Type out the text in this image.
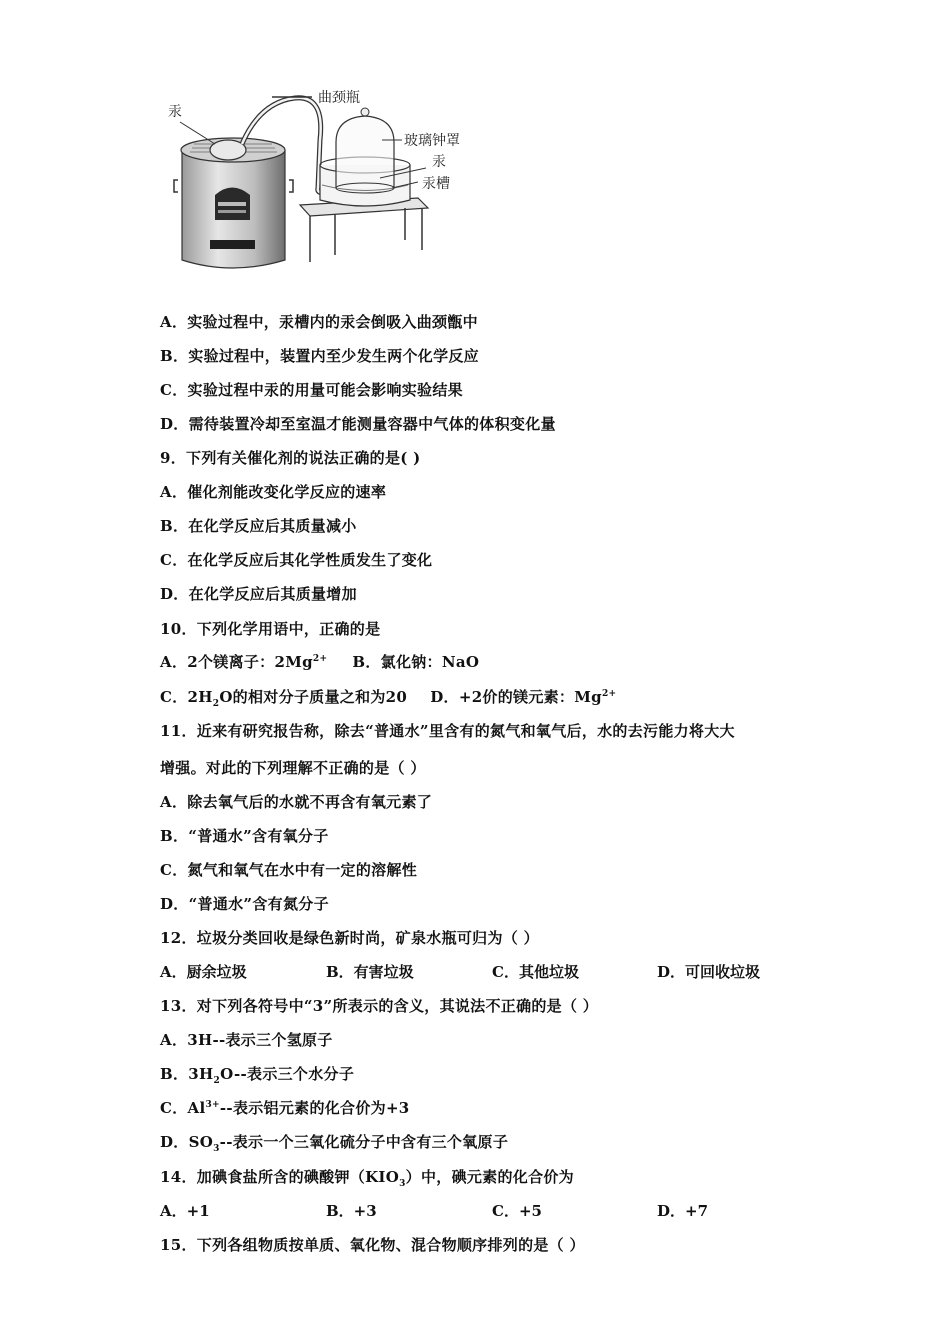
汞
曲颈瓶
玻璃钟罩
汞
汞槽
A．实验过程中，汞槽内的汞会倒吸入曲颈甑中
B．实验过程中，装置内至少发生两个化学反应
C．实验过程中汞的用量可能会影响实验结果
D．需待装置冷却至室温才能测量容器中气体的体积变化量
9．下列有关催化剂的说法正确的是( )
A．催化剂能改变化学反应的速率
B．在化学反应后其质量减小
C．在化学反应后其化学性质发生了变化
D．在化学反应后其质量增加
10．下列化学用语中，正确的是
A．2个镁离子：$2Mg^{2+}$ B．氯化钠：NaO
C．$2H_2O$的相对分子质量之和为20 D．+2价的镁元素：$Mg^{2+}$
11．近来有研究报告称，除去“普通水”里含有的氮气和氧气后，水的去污能力将大大
增强。对此的下列理解不正确的是（ ）
A．除去氧气后的水就不再含有氧元素了
B．“普通水”含有氧分子
C．氮气和氧气在水中有一定的溶解性
D．“普通水”含有氮分子
12．垃圾分类回收是绿色新时尚，矿泉水瓶可归为（ ）
A．厨余垃圾	B．有害垃圾	C．其他垃圾	D．可回收垃圾
13．对下列各符号中“3”所表示的含义，其说法不正确的是（ ）
A．3H--表示三个氢原子
B．$3H_2O--$表示三个水分子
C．$Al^{3+}--$表示铝元素的化合价为+3
D．$SO_3--$表示一个三氧化硫分子中含有三个氧原子
14．加碘食盐所含的碘酸钾$(KIO_3)$中，碘元素的化合价为
A．+1	B．+3	C．+5	D．+7
15．下列各组物质按单质、氧化物、混合物顺序排列的是（ ）
